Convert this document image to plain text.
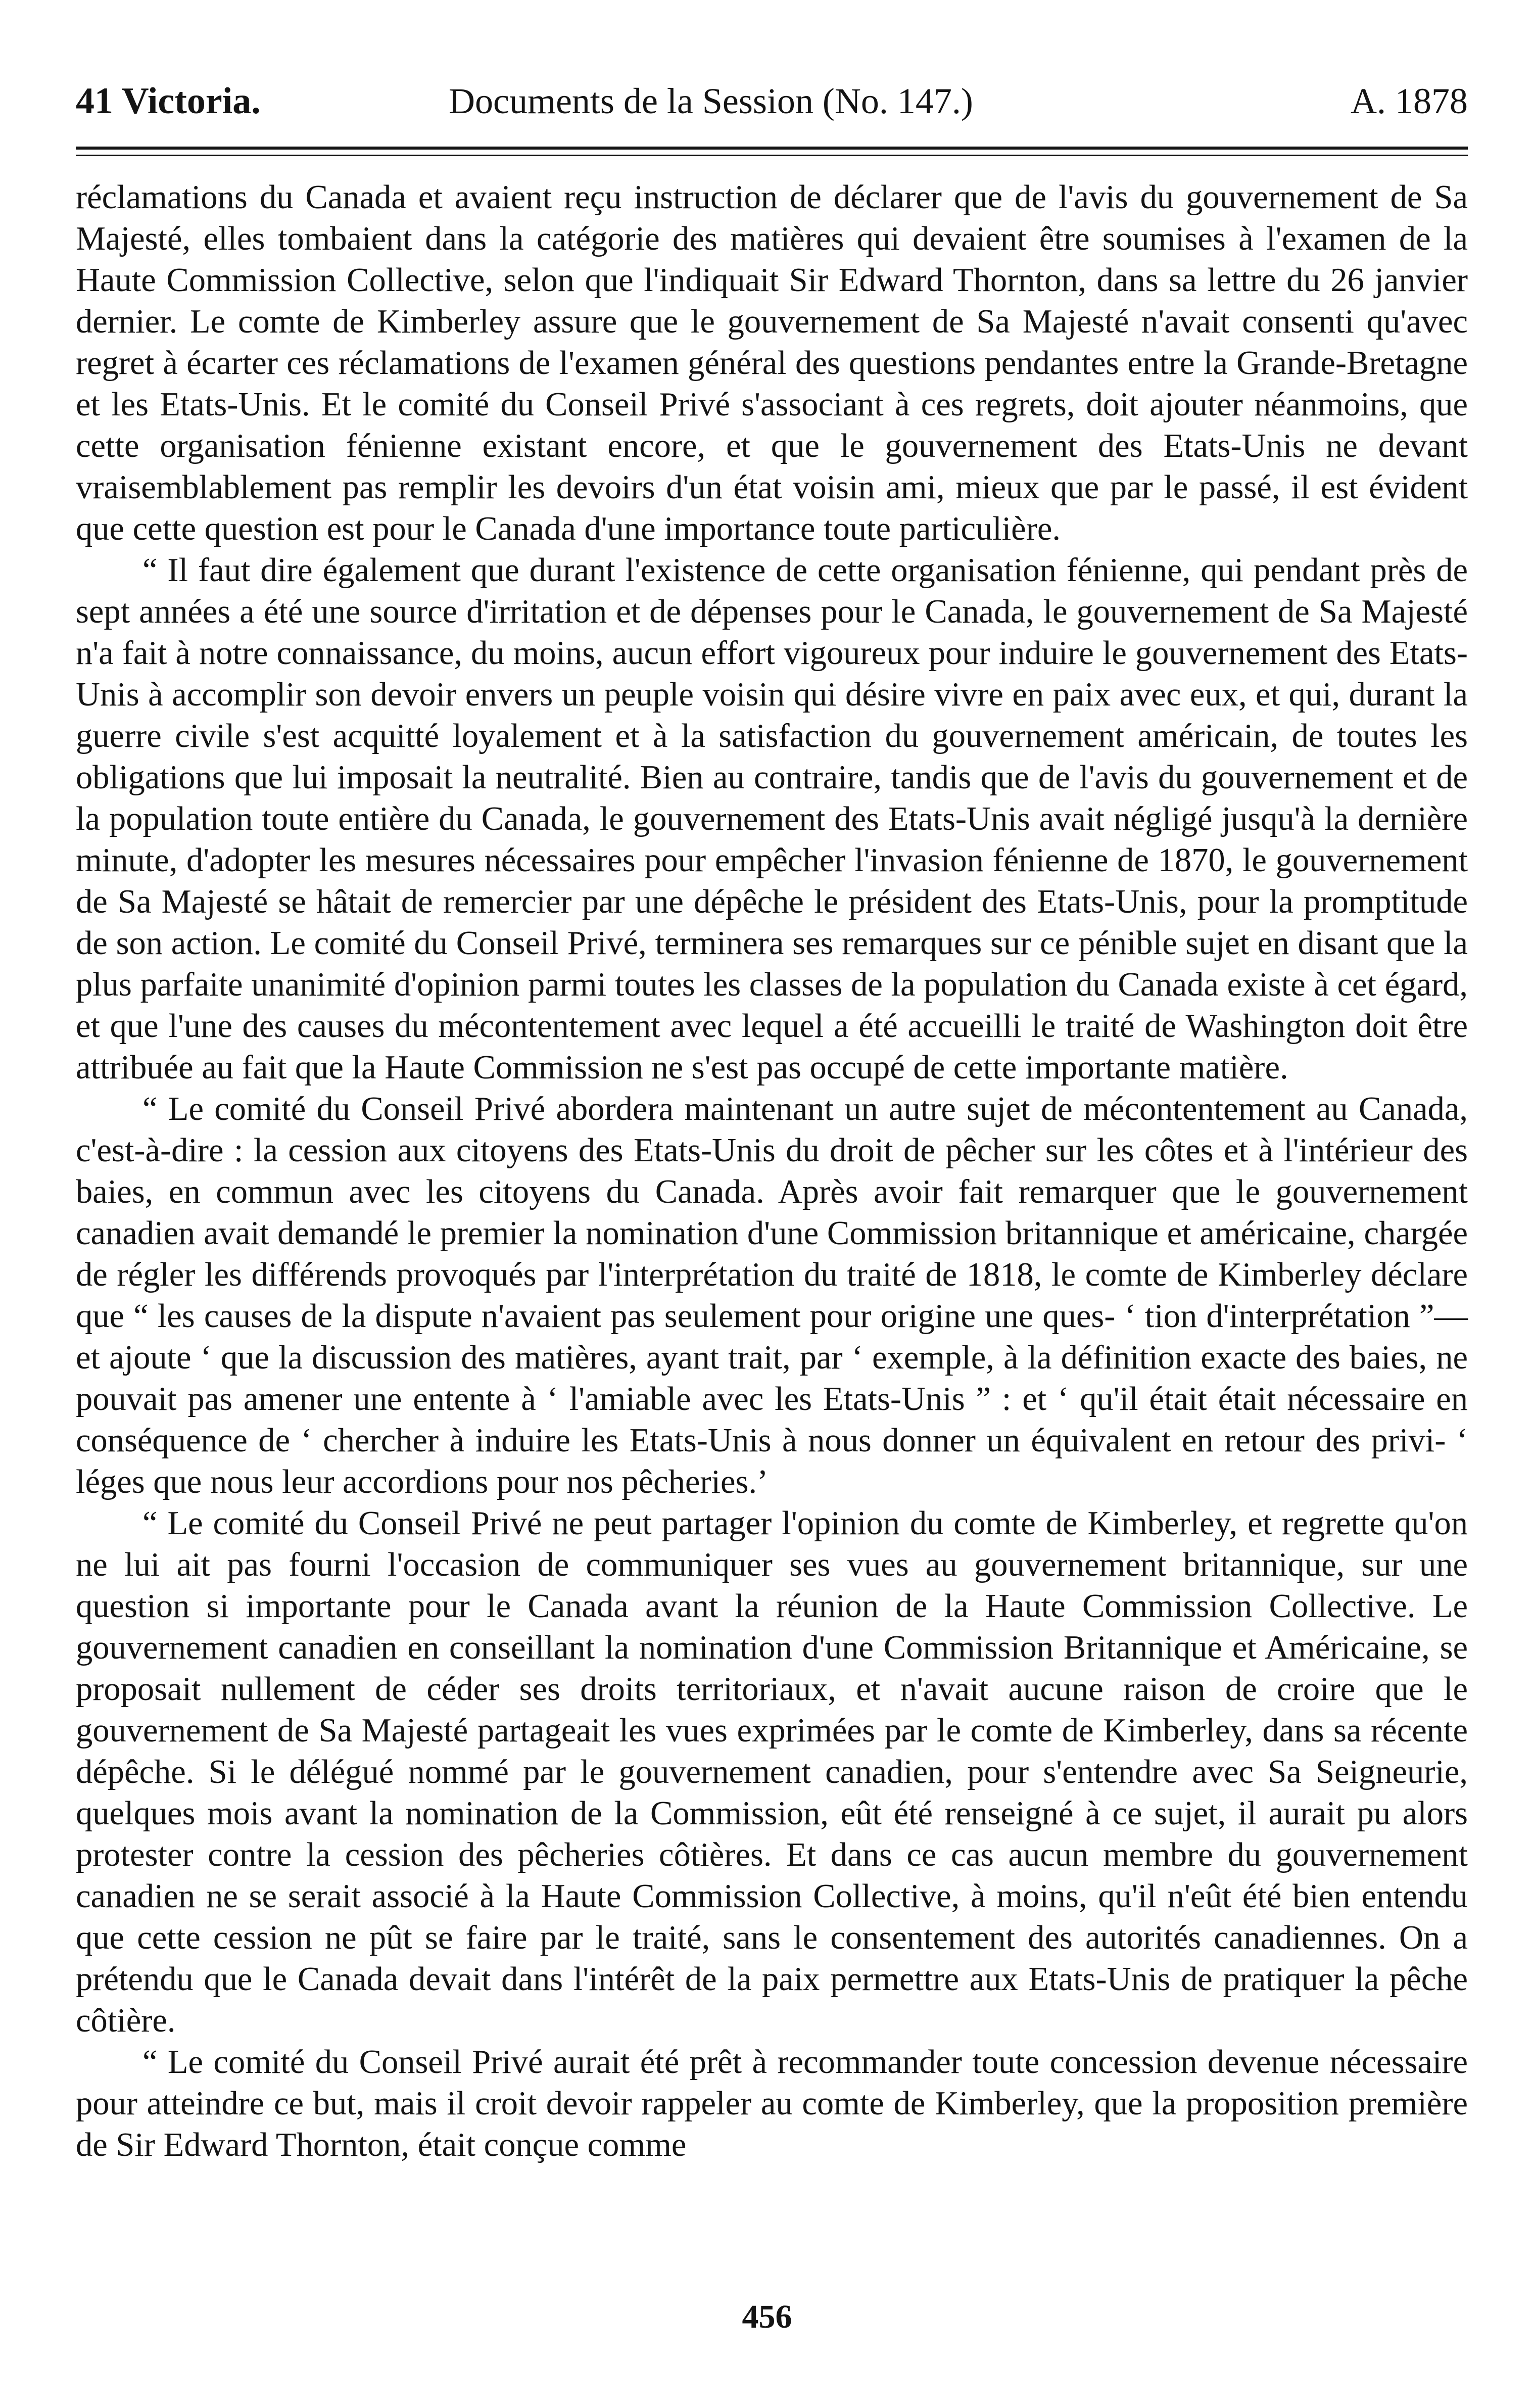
41 Victoria.	Documents de la Session (No. 147.)	A. 1878

réclamations du Canada et avaient reçu instruction de déclarer que de l'avis du gouvernement de Sa Majesté, elles tombaient dans la catégorie des matières qui devaient être soumises à l'examen de la Haute Commission Collective, selon que l'indiquait Sir Edward Thornton, dans sa lettre du 26 janvier dernier. Le comte de Kimberley assure que le gouvernement de Sa Majesté n'avait consenti qu'avec regret à écarter ces réclamations de l'examen général des questions pendantes entre la Grande-Bretagne et les Etats-Unis. Et le comité du Conseil Privé s'associant à ces regrets, doit ajouter néanmoins, que cette organisation fénienne existant encore, et que le gouvernement des Etats-Unis ne devant vraisemblablement pas remplir les devoirs d'un état voisin ami, mieux que par le passé, il est évident que cette question est pour le Canada d'une importance toute particulière.

“ Il faut dire également que durant l'existence de cette organisation fénienne, qui pendant près de sept années a été une source d'irritation et de dépenses pour le Canada, le gouvernement de Sa Majesté n'a fait à notre connaissance, du moins, aucun effort vigoureux pour induire le gouvernement des Etats-Unis à accomplir son devoir envers un peuple voisin qui désire vivre en paix avec eux, et qui, durant la guerre civile s'est acquitté loyalement et à la satisfaction du gouvernement américain, de toutes les obligations que lui imposait la neutralité. Bien au contraire, tandis que de l'avis du gouvernement et de la population toute entière du Canada, le gouvernement des Etats-Unis avait négligé jusqu'à la dernière minute, d'adopter les mesures nécessaires pour empêcher l'invasion fénienne de 1870, le gouvernement de Sa Majesté se hâtait de remercier par une dépêche le président des Etats-Unis, pour la promptitude de son action. Le comité du Conseil Privé, terminera ses remarques sur ce pénible sujet en disant que la plus parfaite unanimité d'opinion parmi toutes les classes de la population du Canada existe à cet égard, et que l'une des causes du mécontentement avec lequel a été accueilli le traité de Washington doit être attribuée au fait que la Haute Commission ne s'est pas occupé de cette importante matière.

“ Le comité du Conseil Privé abordera maintenant un autre sujet de mécontentement au Canada, c'est-à-dire : la cession aux citoyens des Etats-Unis du droit de pêcher sur les côtes et à l'intérieur des baies, en commun avec les citoyens du Canada. Après avoir fait remarquer que le gouvernement canadien avait demandé le premier la nomination d'une Commission britannique et américaine, chargée de régler les différends provoqués par l'interprétation du traité de 1818, le comte de Kimberley déclare que “ les causes de la dispute n'avaient pas seulement pour origine une ques- ‘ tion d'interprétation ”—et ajoute ‘ que la discussion des matières, ayant trait, par ‘ exemple, à la définition exacte des baies, ne pouvait pas amener une entente à ‘ l'amiable avec les Etats-Unis ” : et ‘ qu'il était était nécessaire en conséquence de ‘ chercher à induire les Etats-Unis à nous donner un équivalent en retour des privi- ‘ léges que nous leur accordions pour nos pêcheries.’

“ Le comité du Conseil Privé ne peut partager l'opinion du comte de Kimberley, et regrette qu'on ne lui ait pas fourni l'occasion de communiquer ses vues au gouvernement britannique, sur une question si importante pour le Canada avant la réunion de la Haute Commission Collective. Le gouvernement canadien en conseillant la nomination d'une Commission Britannique et Américaine, se proposait nullement de céder ses droits territoriaux, et n'avait aucune raison de croire que le gouvernement de Sa Majesté partageait les vues exprimées par le comte de Kimberley, dans sa récente dépêche. Si le délégué nommé par le gouvernement canadien, pour s'entendre avec Sa Seigneurie, quelques mois avant la nomination de la Commission, eût été renseigné à ce sujet, il aurait pu alors protester contre la cession des pêcheries côtières. Et dans ce cas aucun membre du gouvernement canadien ne se serait associé à la Haute Commission Collective, à moins, qu'il n'eût été bien entendu que cette cession ne pût se faire par le traité, sans le consentement des autorités canadiennes. On a prétendu que le Canada devait dans l'intérêt de la paix permettre aux Etats-Unis de pratiquer la pêche côtière.

“ Le comité du Conseil Privé aurait été prêt à recommander toute concession devenue nécessaire pour atteindre ce but, mais il croit devoir rappeler au comte de Kimberley, que la proposition première de Sir Edward Thornton, était conçue comme

456
